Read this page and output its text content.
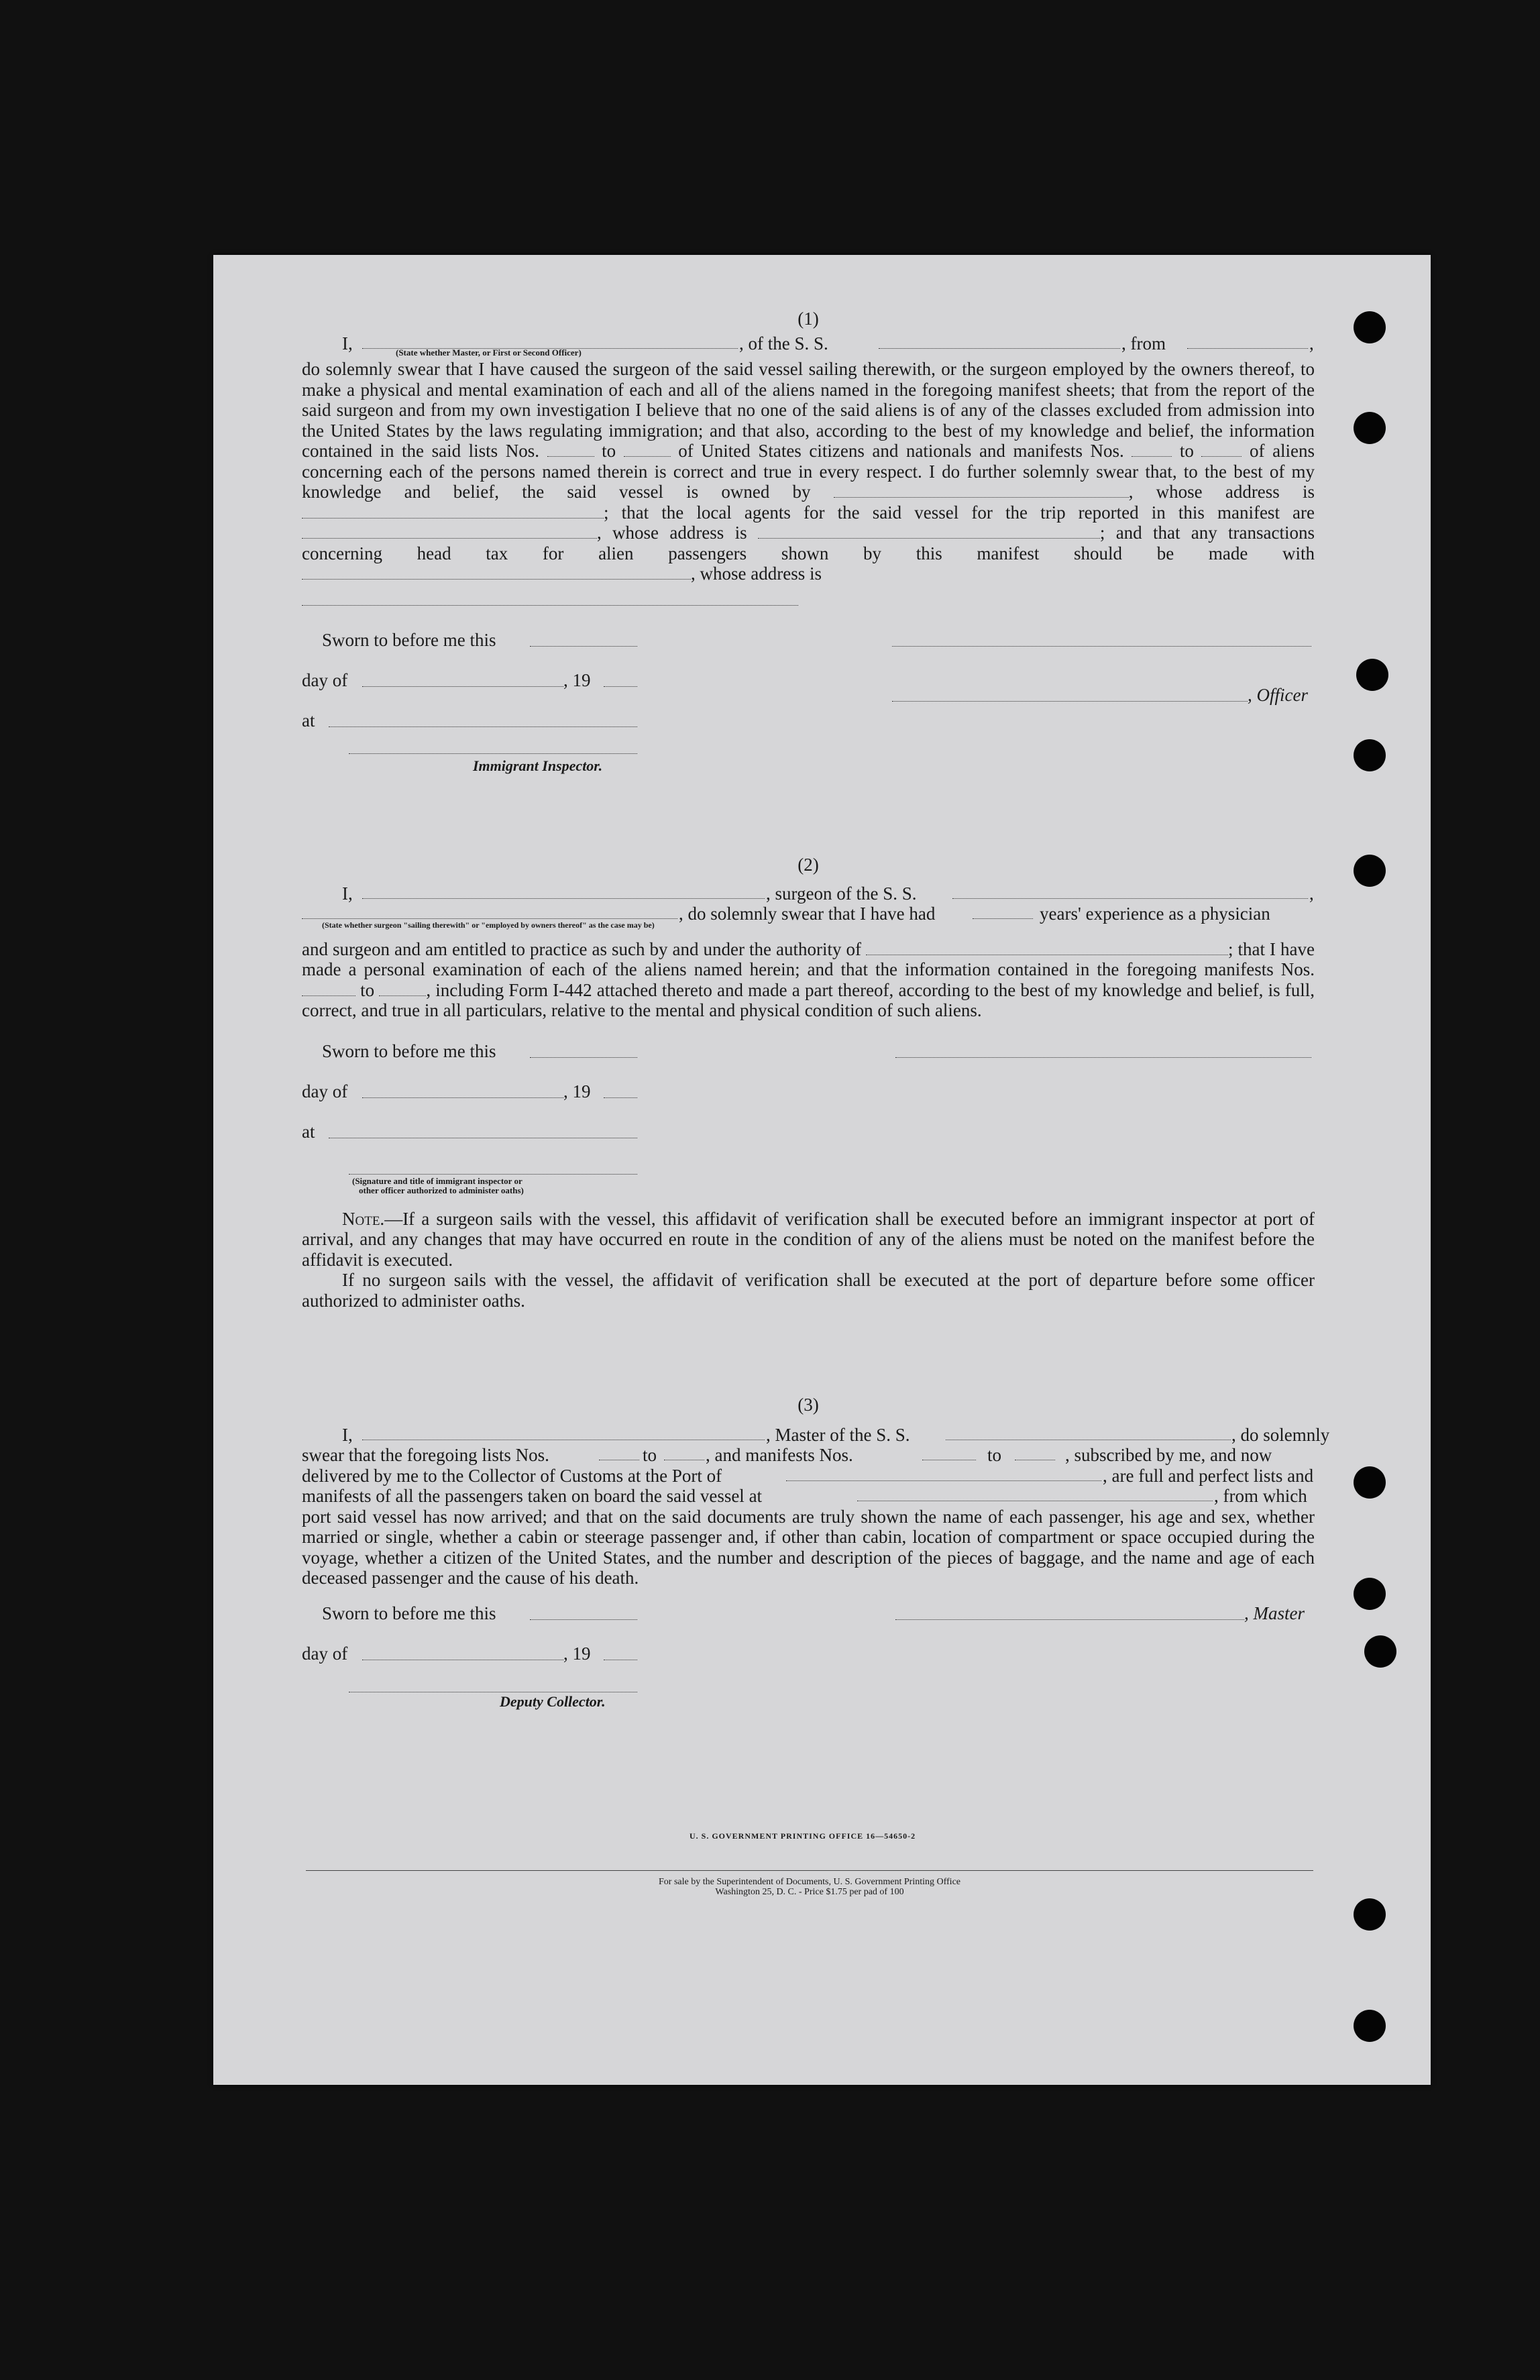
(1)
I,	, of the S. S.	, from	,
(State whether Master, or First or Second Officer)
do solemnly swear that I have caused the surgeon of the said vessel sailing therewith, or the surgeon employed by the owners thereof, to make a physical and mental examination of each and all of the aliens named in the foregoing manifest sheets; that from the report of the said surgeon and from my own investigation I believe that no one of the said aliens is of any of the classes excluded from admission into the United States by the laws regulating immigration; and that also, according to the best of my knowledge and belief, the information contained in the said lists Nos.	to	of United States citizens and nationals and manifests Nos.	to	of aliens concerning each of the persons named therein is correct and true in every respect. I do further solemnly swear that, to the best of my knowledge and belief, the said vessel is owned by	, whose address is ; that the local agents for the said vessel for the trip reported in this manifest are , whose address is	; and that any transactions concerning head tax for alien passengers shown by this manifest should be made with , whose address is
Sworn to before me this
day of	, 19
, Officer
at
Immigrant Inspector.
(2)
I,	, surgeon of the S. S.	,
, do solemnly swear that I have had	years' experience as a physician
(State whether surgeon "sailing therewith" or "employed by owners thereof" as the case may be)
and surgeon and am entitled to practice as such by and under the authority of	; that I have made a personal examination of each of the aliens named herein; and that the information contained in the foregoing manifests Nos.  to	, including Form I-442 attached thereto and made a part thereof, according to the best of my knowledge and belief, is full, correct, and true in all particulars, relative to the mental and physical condition of such aliens.
Sworn to before me this
day of	, 19
at
(Signature and title of immigrant inspector or
other officer authorized to administer oaths)
Note.—If a surgeon sails with the vessel, this affidavit of verification shall be executed before an immigrant inspector at port of arrival, and any changes that may have occurred en route in the condition of any of the aliens must be noted on the manifest before the affidavit is executed.
If no surgeon sails with the vessel, the affidavit of verification shall be executed at the port of departure before some officer authorized to administer oaths.
(3)
I,	, Master of the S. S.	, do solemnly
swear that the foregoing lists Nos.	to	, and manifests Nos.	to	, subscribed by me, and now
delivered by me to the Collector of Customs at the Port of	, are full and perfect lists and
manifests of all the passengers taken on board the said vessel at	, from which
port said vessel has now arrived; and that on the said documents are truly shown the name of each passenger, his age and sex, whether married or single, whether a cabin or steerage passenger and, if other than cabin, location of compartment or space occupied during the voyage, whether a citizen of the United States, and the number and description of the pieces of baggage, and the name and age of each deceased passenger and the cause of his death.
Sworn to before me this	, Master
day of	, 19
Deputy Collector.
U. S. GOVERNMENT PRINTING OFFICE 16—54650-2
For sale by the Superintendent of Documents, U. S. Government Printing Office
Washington 25, D. C. - Price $1.75 per pad of 100
